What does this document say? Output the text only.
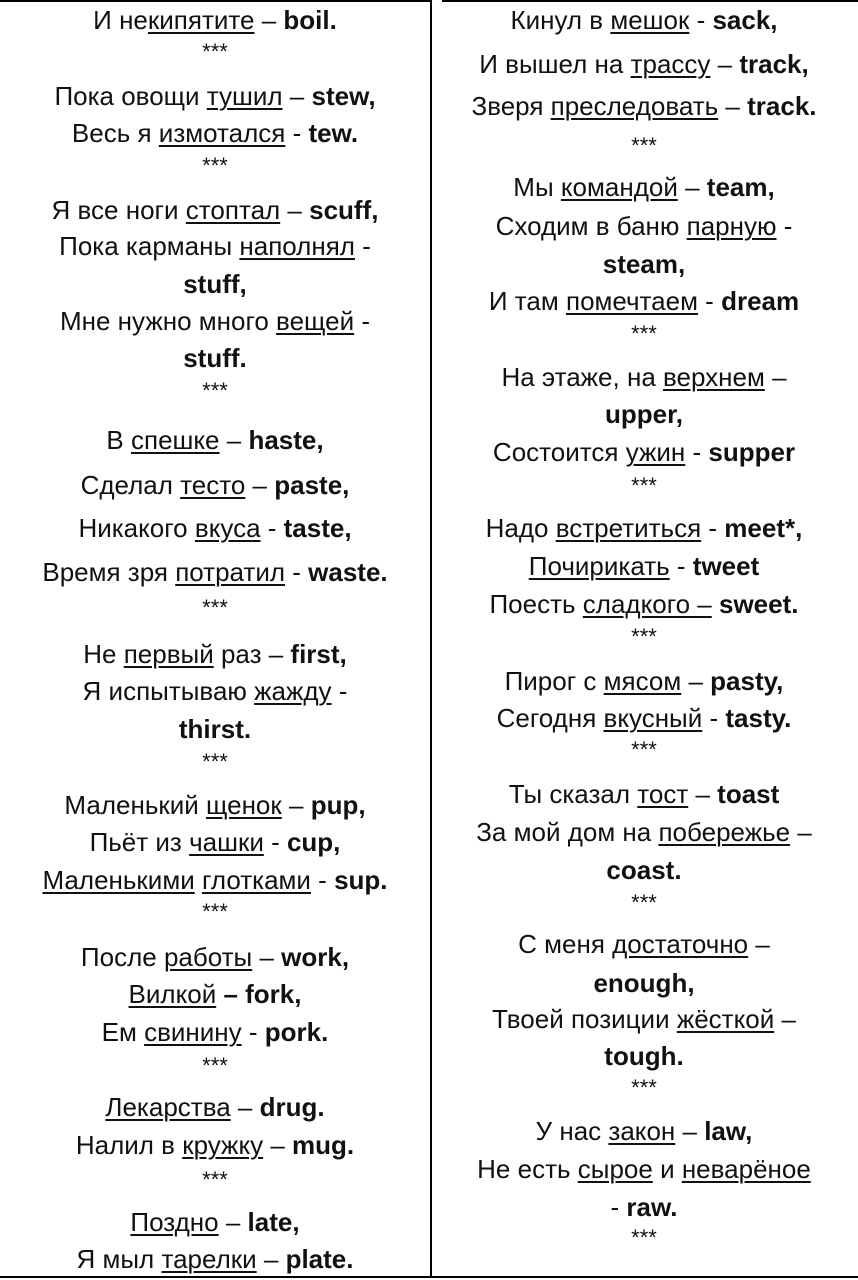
И некипятите – boil.
***
Пока овощи тушил – stew,
Весь я измотался - tew.
***
Я все ноги стоптал – scuff,
Пока карманы наполнял -
stuff,
Мне нужно много вещей -
stuff.
***
В спешке – haste,
Сделал тесто – paste,
Никакого вкуса - taste,
Время зря потратил - waste.
***
Не первый раз – first,
Я испытываю жажду -
thirst.
***
Маленький щенок – pup,
Пьёт из чашки - cup,
Маленькими глотками - sup.
***
После работы – work,
Вилкой – fork,
Ем свинину - pork.
***
Лекарства – drug.
Налил в кружку – mug.
***
Поздно – late,
Я мыл тарелки – plate.
Кинул в мешок - sack,
И вышел на трассу – track,
Зверя преследовать – track.
***
Мы командой – team,
Сходим в баню парную -
steam,
И там помечтаем - dream
***
На этаже, на верхнем –
upper,
Состоится ужин - supper
***
Надо встретиться - meet*,
Почирикать - tweet
Поесть сладкого – sweet.
***
Пирог с мясом – pasty,
Сегодня вкусный - tasty.
***
Ты сказал тост – toast
За мой дом на побережье –
coast.
***
С меня достаточно –
enough,
Твоей позиции жёсткой –
tough.
***
У нас закон – law,
Не есть сырое и неварёное
- raw.
***
